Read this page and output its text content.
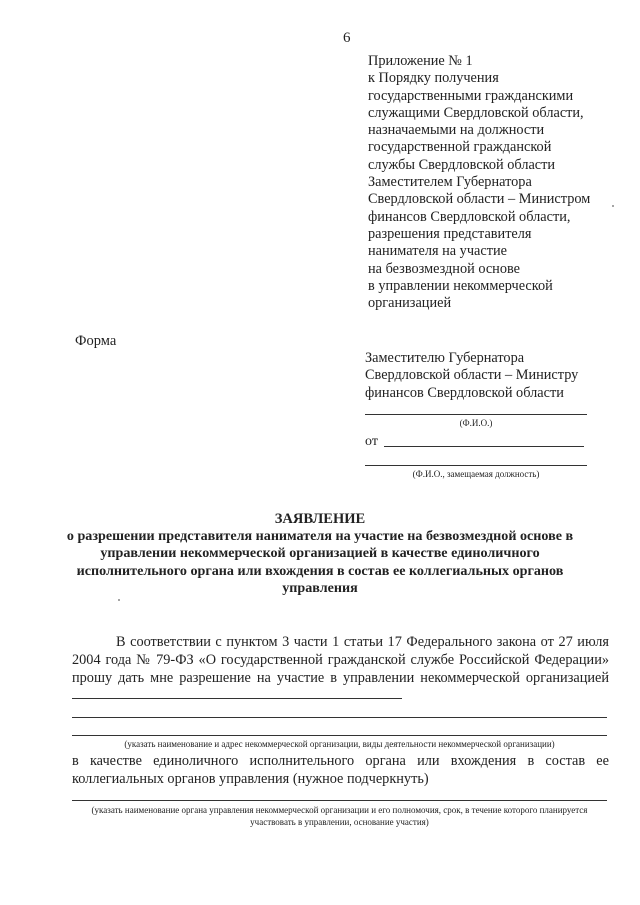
6
Приложение № 1
к Порядку получения
государственными гражданскими
служащими Свердловской области,
назначаемыми на должности
государственной гражданской
службы Свердловской области
Заместителем Губернатора
Свердловской области – Министром
финансов Свердловской области,
разрешения представителя
нанимателя на участие
на безвозмездной основе
в управлении некоммерческой
организацией
Форма
Заместителю Губернатора
Свердловской области – Министру
финансов Свердловской области
(Ф.И.О.)
от
(Ф.И.О., замещаемая должность)
ЗАЯВЛЕНИЕ
о разрешении представителя нанимателя на участие на безвозмездной основе в управлении некоммерческой организацией в качестве единоличного исполнительного органа или вхождения в состав ее коллегиальных органов управления
В соответствии с пунктом 3 части 1 статьи 17 Федерального закона от 27 июля 2004 года № 79-ФЗ «О государственной гражданской службе Российской Федерации» прошу дать мне разрешение на участие в управлении некоммерческой организацией
(указать наименование и адрес некоммерческой организации, виды деятельности некоммерческой организации)
в качестве единоличного исполнительного органа или вхождения в состав ее коллегиальных органов управления (нужное подчеркнуть)
(указать наименование органа управления некоммерческой организации и его полномочия, срок, в течение которого планируется участвовать в управлении, основание участия)
